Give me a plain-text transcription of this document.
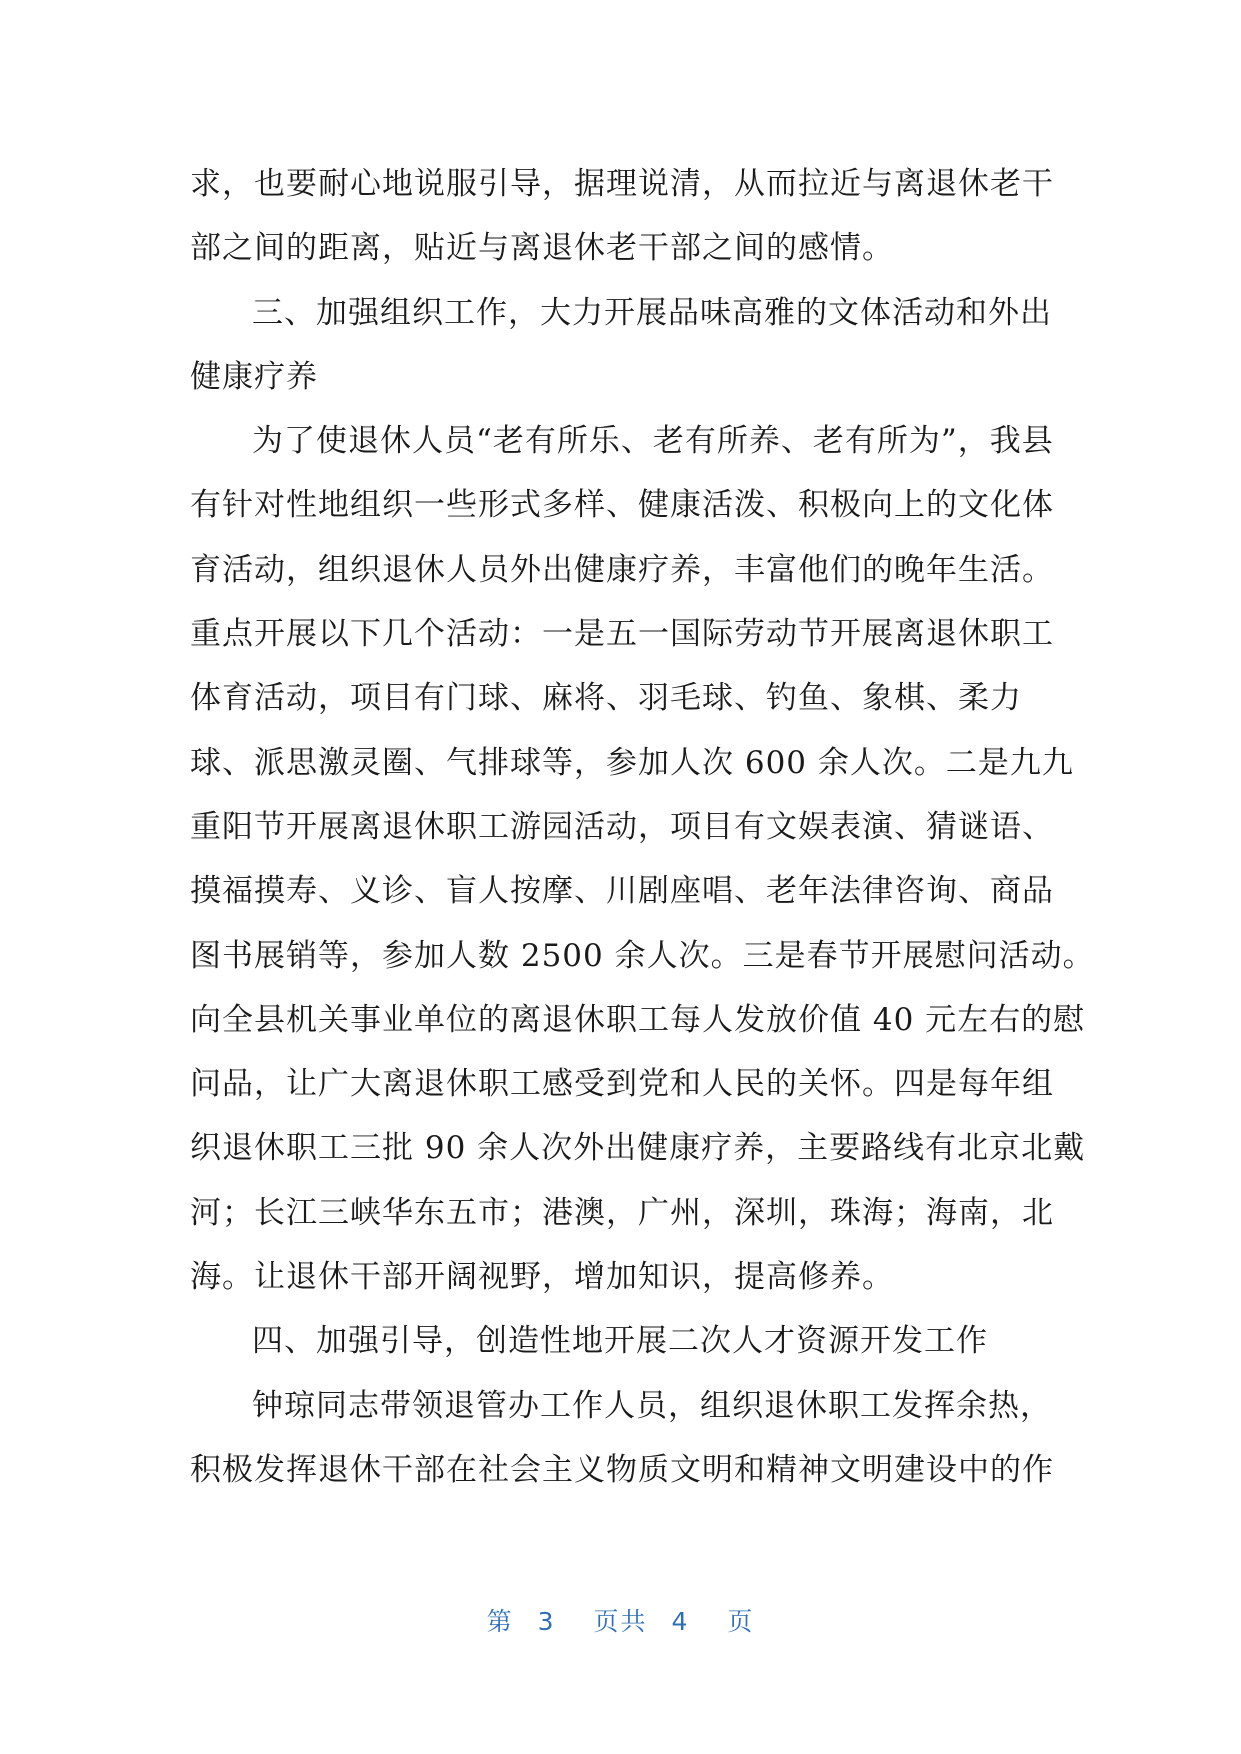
求，也要耐心地说服引导，据理说清，从而拉近与离退休老干
部之间的距离，贴近与离退休老干部之间的感情。
三、加强组织工作，大力开展品味高雅的文体活动和外出
健康疗养
为了使退休人员“老有所乐、老有所养、老有所为”，我县
有针对性地组织一些形式多样、健康活泼、积极向上的文化体
育活动，组织退休人员外出健康疗养，丰富他们的晚年生活。
重点开展以下几个活动：一是五一国际劳动节开展离退休职工
体育活动，项目有门球、麻将、羽毛球、钓鱼、象棋、柔力
球、派思激灵圈、气排球等，参加人次 600 余人次。二是九九
重阳节开展离退休职工游园活动，项目有文娱表演、猜谜语、
摸福摸寿、义诊、盲人按摩、川剧座唱、老年法律咨询、商品
图书展销等，参加人数 2500 余人次。三是春节开展慰问活动。
向全县机关事业单位的离退休职工每人发放价值 40 元左右的慰
问品，让广大离退休职工感受到党和人民的关怀。四是每年组
织退休职工三批 90 余人次外出健康疗养，主要路线有北京北戴
河；长江三峡华东五市；港澳，广州，深圳，珠海；海南，北
海。让退休干部开阔视野，增加知识，提高修养。
四、加强引导，创造性地开展二次人才资源开发工作
钟琼同志带领退管办工作人员，组织退休职工发挥余热，
积极发挥退休干部在社会主义物质文明和精神文明建设中的作
第 3 页共 4 页
